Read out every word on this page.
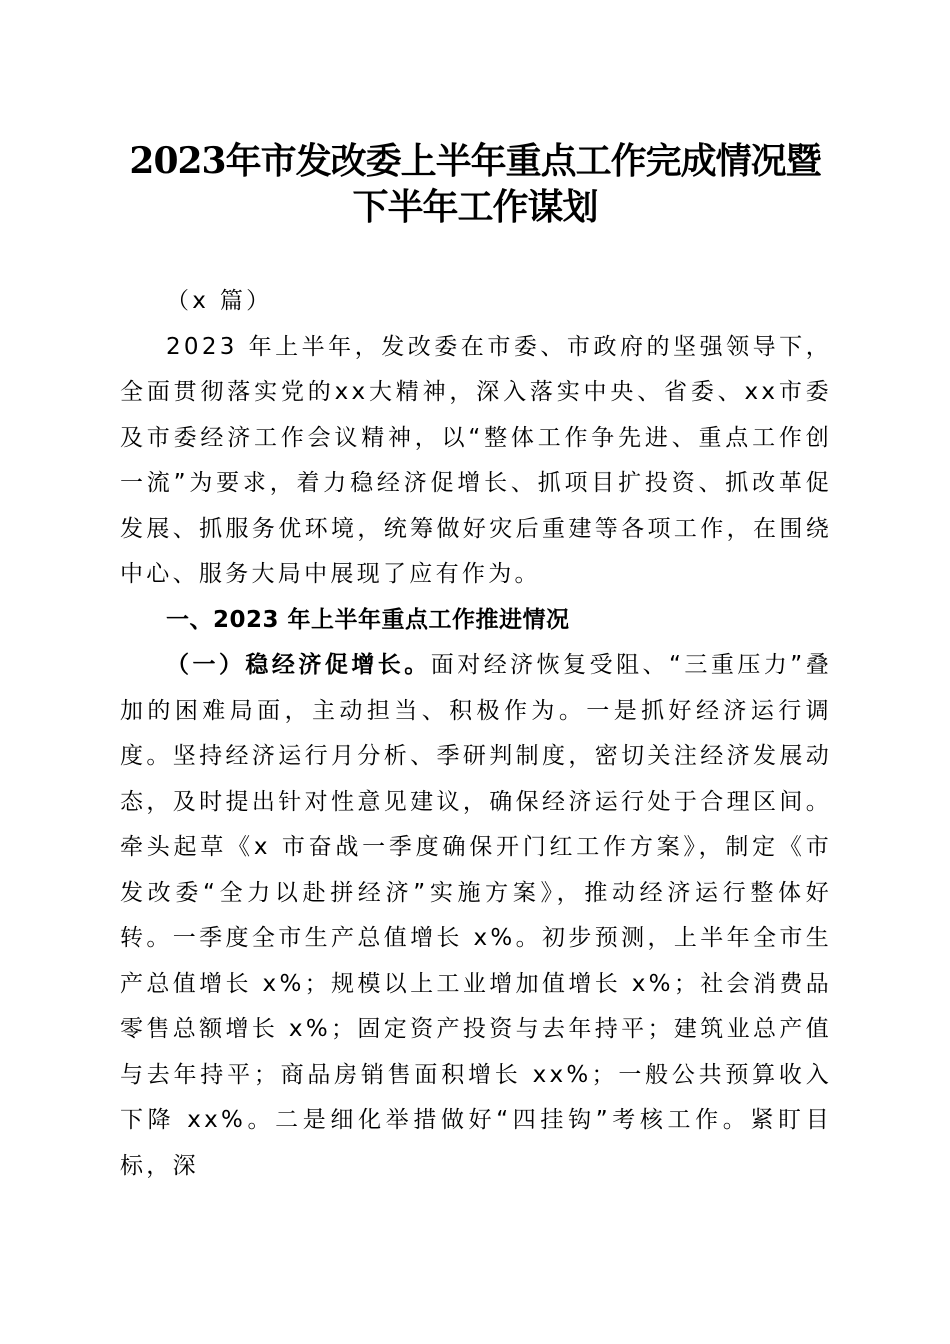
2023年市发改委上半年重点工作完成情况暨
下半年工作谋划

（x 篇）

2023 年上半年，发改委在市委、市政府的坚强领导下，全面贯彻落实党的xx大精神，深入落实中央、省委、xx市委及市委经济工作会议精神，以“整体工作争先进、重点工作创一流”为要求，着力稳经济促增长、抓项目扩投资、抓改革促发展、抓服务优环境，统筹做好灾后重建等各项工作，在围绕中心、服务大局中展现了应有作为。

一、2023 年上半年重点工作推进情况

（一）稳经济促增长。面对经济恢复受阻、“三重压力”叠加的困难局面，主动担当、积极作为。一是抓好经济运行调度。坚持经济运行月分析、季研判制度，密切关注经济发展动态，及时提出针对性意见建议，确保经济运行处于合理区间。牵头起草《x 市奋战一季度确保开门红工作方案》，制定《市发改委“全力以赴拼经济”实施方案》，推动经济运行整体好转。一季度全市生产总值增长 x%。初步预测，上半年全市生产总值增长 x%；规模以上工业增加值增长 x%；社会消费品零售总额增长 x%；固定资产投资与去年持平；建筑业总产值与去年持平；商品房销售面积增长 xx%；一般公共预算收入下降 xx%。二是细化举措做好“四挂钩”考核工作。紧盯目标，深
